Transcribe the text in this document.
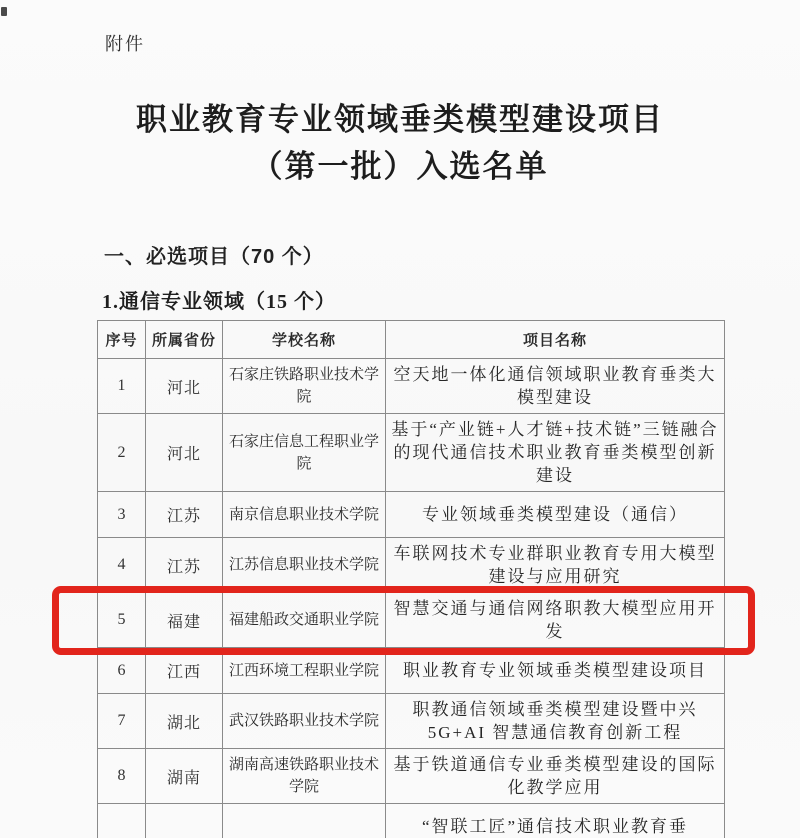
附件
职业教育专业领域垂类模型建设项目
（第一批）入选名单
一、必选项目（70 个）
1.通信专业领域（15 个）
序号	所属省份	学校名称	项目名称
1	河北	石家庄铁路职业技术学院	空天地一体化通信领域职业教育垂类大模型建设
2	河北	石家庄信息工程职业学院	基于“产业链+人才链+技术链”三链融合的现代通信技术职业教育垂类模型创新建设
3	江苏	南京信息职业技术学院	专业领域垂类模型建设（通信）
4	江苏	江苏信息职业技术学院	车联网技术专业群职业教育专用大模型建设与应用研究
5	福建	福建船政交通职业学院	智慧交通与通信网络职教大模型应用开发
6	江西	江西环境工程职业学院	职业教育专业领域垂类模型建设项目
7	湖北	武汉铁路职业技术学院	职教通信领域垂类模型建设暨中兴 5G+AI 智慧通信教育创新工程
8	湖南	湖南高速铁路职业技术学院	基于铁道通信专业垂类模型建设的国际化教学应用
			“智联工匠”通信技术职业教育垂
